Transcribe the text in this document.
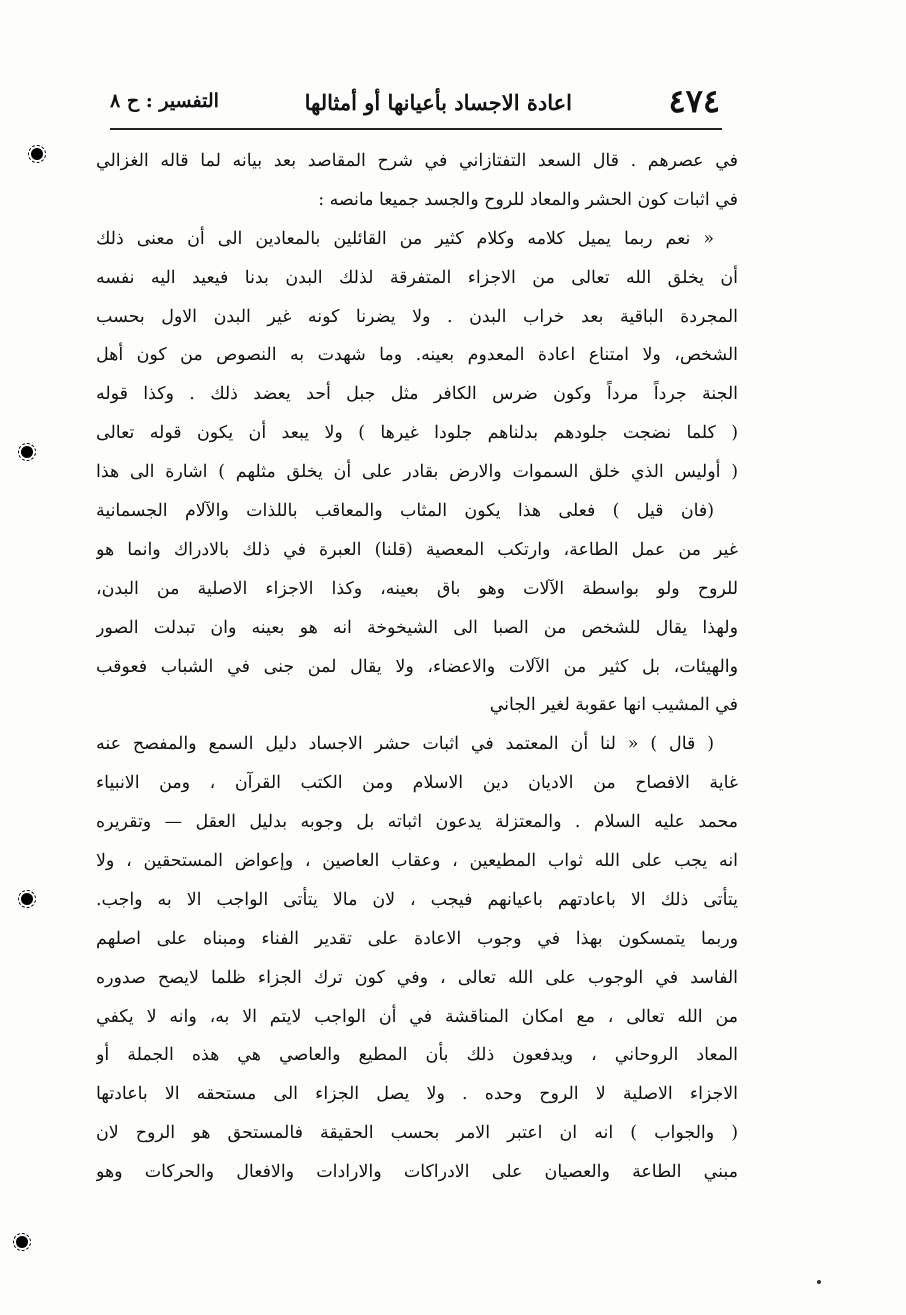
٤٧٤
اعادة الاجساد بأعيانها أو أمثالها
التفسير : ح ٨
في عصرهم . قال السعد التفتازاني في شرح المقاصد بعد بيانه لما قاله الغزالي
في اثبات كون الحشر والمعاد للروح والجسد جميعا مانصه :
« نعم ربما يميل كلامه وكلام كثير من القائلين بالمعادين الى أن معنى ذلك
أن يخلق الله تعالى من الاجزاء المتفرقة لذلك البدن بدنا فيعيد اليه نفسه
المجردة الباقية بعد خراب البدن . ولا يضرنا كونه غير البدن الاول بحسب
الشخص، ولا امتناع اعادة المعدوم بعينه. وما شهدت به النصوص من كون أهل
الجنة جرداً مرداً وكون ضرس الكافر مثل جبل أحد يعضد ذلك . وكذا قوله
( كلما نضجت جلودهم بدلناهم جلودا غيرها ) ولا يبعد أن يكون قوله تعالى
( أوليس الذي خلق السموات والارض بقادر على أن يخلق مثلهم ) اشارة الى هذا
(فان قيل ) فعلى هذا يكون المثاب والمعاقب باللذات والآلام الجسمانية
غير من عمل الطاعة، وارتكب المعصية (قلنا) العبرة في ذلك بالادراك وانما هو
للروح ولو بواسطة الآلات وهو باق بعينه، وكذا الاجزاء الاصلية من البدن،
ولهذا يقال للشخص من الصبا الى الشيخوخة انه هو بعينه وان تبدلت الصور
والهيئات، بل كثير من الآلات والاعضاء، ولا يقال لمن جنى في الشباب فعوقب
في المشيب انها عقوبة لغير الجاني
( قال ) « لنا أن المعتمد في اثبات حشر الاجساد دليل السمع والمفصح عنه
غاية الافصاح من الاديان دين الاسلام ومن الكتب القرآن ، ومن الانبياء
محمد عليه السلام . والمعتزلة يدعون اثباته بل وجوبه بدليل العقل — وتقريره
انه يجب على الله ثواب المطيعين ، وعقاب العاصين ، وإعواض المستحقين ، ولا
يتأتى ذلك الا باعادتهم باعيانهم فيجب ، لان مالا يتأتى الواجب الا به واجب.
وربما يتمسكون بهذا في وجوب الاعادة على تقدير الفناء ومبناه على اصلهم
الفاسد في الوجوب على الله تعالى ، وفي كون ترك الجزاء ظلما لايصح صدوره
من الله تعالى ، مع امكان المناقشة في أن الواجب لايتم الا به، وانه لا يكفي
المعاد الروحاني ، ويدفعون ذلك بأن المطيع والعاصي هي هذه الجملة أو
الاجزاء الاصلية لا الروح وحده . ولا يصل الجزاء الى مستحقه الا باعادتها
( والجواب ) انه ان اعتبر الامر بحسب الحقيقة فالمستحق هو الروح لان
مبني الطاعة والعصيان على الادراكات والارادات والافعال والحركات وهو
